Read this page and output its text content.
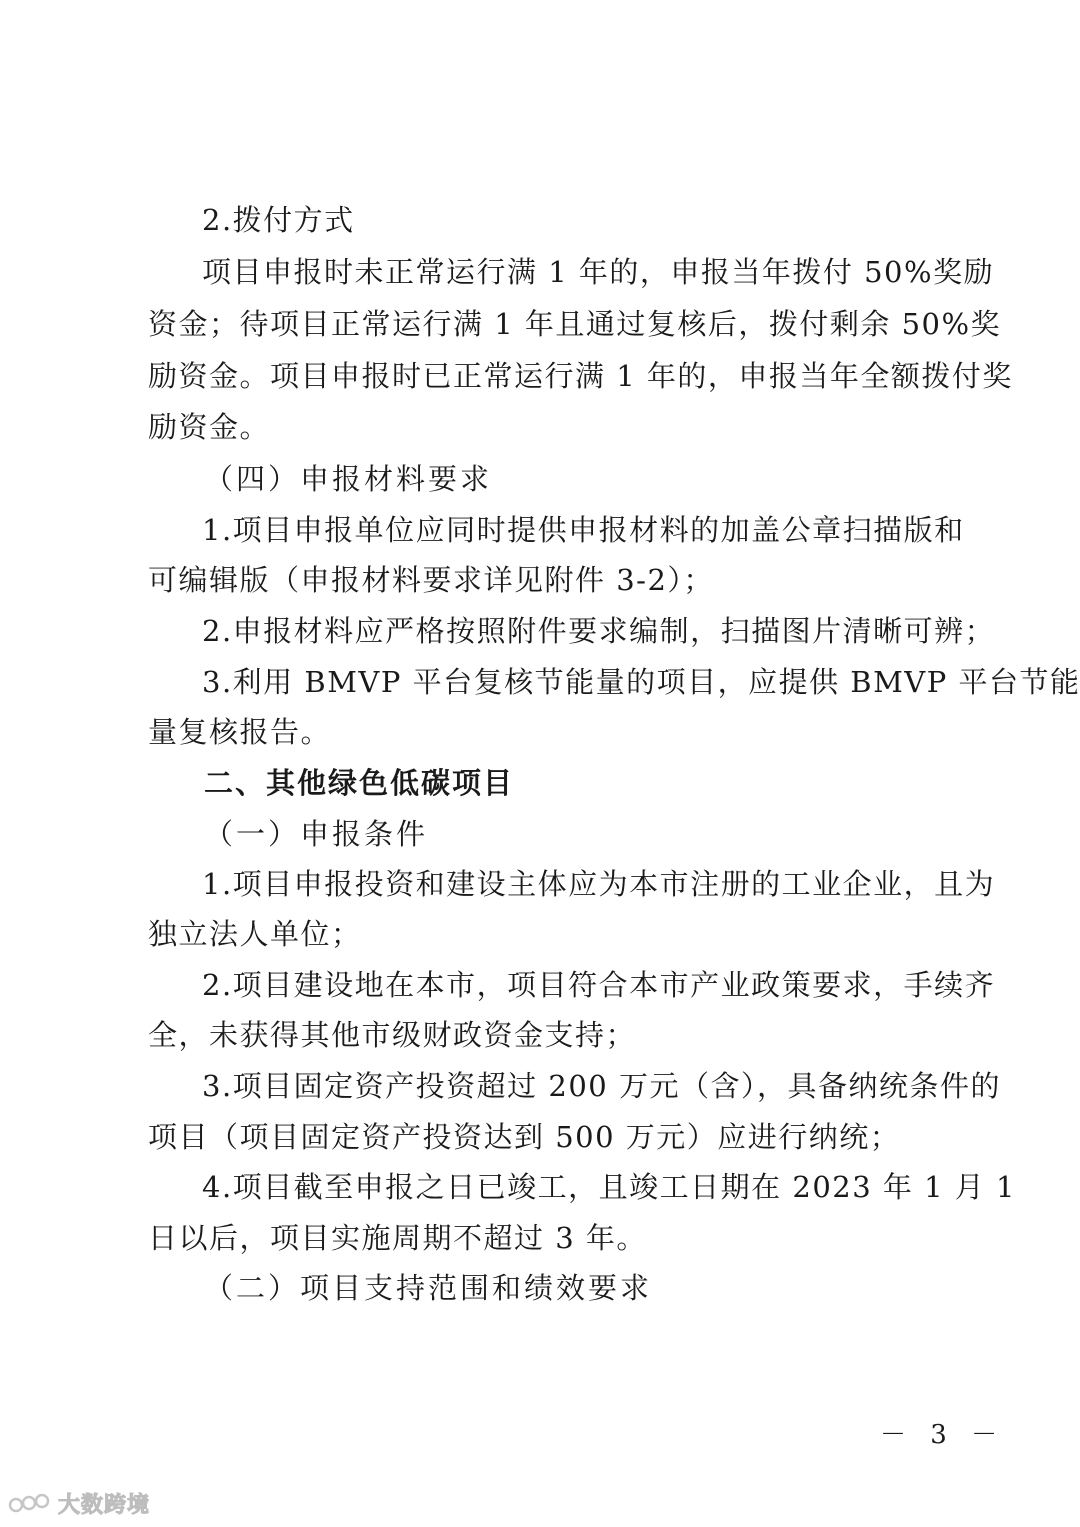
2.拨付方式
项目申报时未正常运行满 1 年的，申报当年拨付 50%奖励
资金；待项目正常运行满 1 年且通过复核后，拨付剩余 50%奖
励资金。项目申报时已正常运行满 1 年的，申报当年全额拨付奖
励资金。
（四）申报材料要求
1.项目申报单位应同时提供申报材料的加盖公章扫描版和
可编辑版（申报材料要求详见附件 3-2）；
2.申报材料应严格按照附件要求编制，扫描图片清晰可辨；
3.利用 BMVP 平台复核节能量的项目，应提供 BMVP 平台节能
量复核报告。
二、其他绿色低碳项目
（一）申报条件
1.项目申报投资和建设主体应为本市注册的工业企业，且为
独立法人单位；
2.项目建设地在本市，项目符合本市产业政策要求，手续齐
全，未获得其他市级财政资金支持；
3.项目固定资产投资超过 200 万元（含），具备纳统条件的
项目（项目固定资产投资达到 500 万元）应进行纳统；
4.项目截至申报之日已竣工，且竣工日期在 2023 年 1 月 1
日以后，项目实施周期不超过 3 年。
（二）项目支持范围和绩效要求
－ 3 －
大数跨境
